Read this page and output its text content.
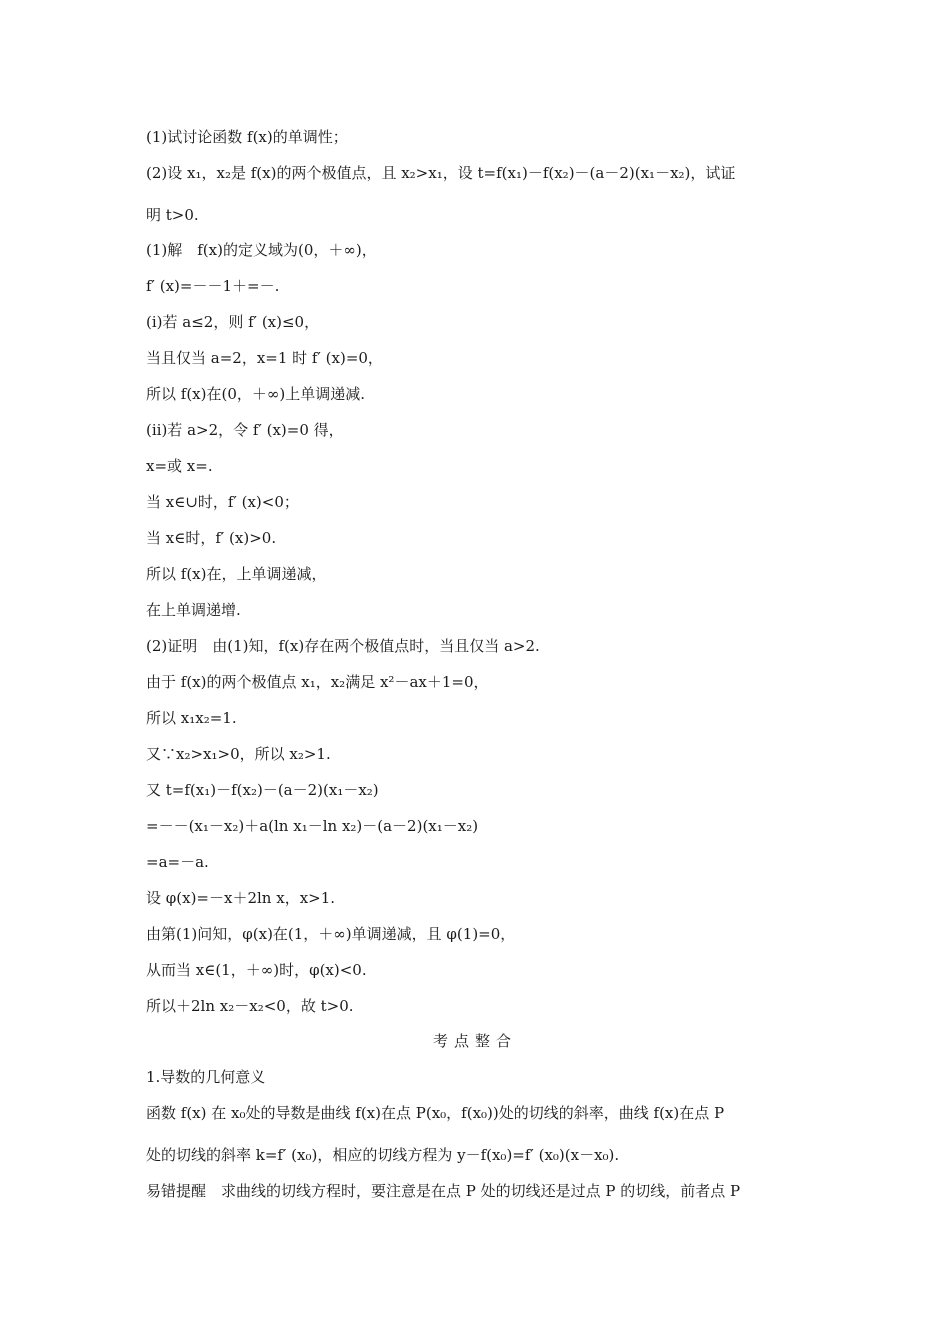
(1)试讨论函数 f(x)的单调性；
(2)设 x₁，x₂是 f(x)的两个极值点，且 x₂>x₁，设 t=f(x₁)－f(x₂)－(a－2)(x₁－x₂)，试证
明 t>0.
(1)解　f(x)的定义域为(0，＋∞)，
f′ (x)=－－1＋=－.
(ⅰ)若 a≤2，则 f′ (x)≤0，
当且仅当 a=2，x=1 时 f′ (x)=0，
所以 f(x)在(0，＋∞)上单调递减.
(ⅱ)若 a>2，令 f′ (x)=0 得，
x=或 x=.
当 x∈∪时，f′ (x)<0；
当 x∈时，f′ (x)>0.
所以 f(x)在，上单调递减，
在上单调递增.
(2)证明　由(1)知，f(x)存在两个极值点时，当且仅当 a>2.
由于 f(x)的两个极值点 x₁，x₂满足 x²－ax＋1=0，
所以 x₁x₂=1.
又∵x₂>x₁>0，所以 x₂>1.
又 t=f(x₁)－f(x₂)－(a－2)(x₁－x₂)
=－－(x₁－x₂)＋a(ln x₁－ln x₂)－(a－2)(x₁－x₂)
=a=－a.
设 φ(x)=－x＋2ln x，x>1.
由第(1)问知，φ(x)在(1，＋∞)单调递减，且 φ(1)=0，
从而当 x∈(1，＋∞)时，φ(x)<0.
所以＋2ln x₂－x₂<0，故 t>0.
考点整合
1.导数的几何意义
函数 f(x) 在 x₀处的导数是曲线 f(x)在点 P(x₀，f(x₀))处的切线的斜率，曲线 f(x)在点 P
处的切线的斜率 k=f′ (x₀)，相应的切线方程为 y－f(x₀)=f′ (x₀)(x－x₀).
易错提醒　求曲线的切线方程时，要注意是在点 P 处的切线还是过点 P 的切线，前者点 P
